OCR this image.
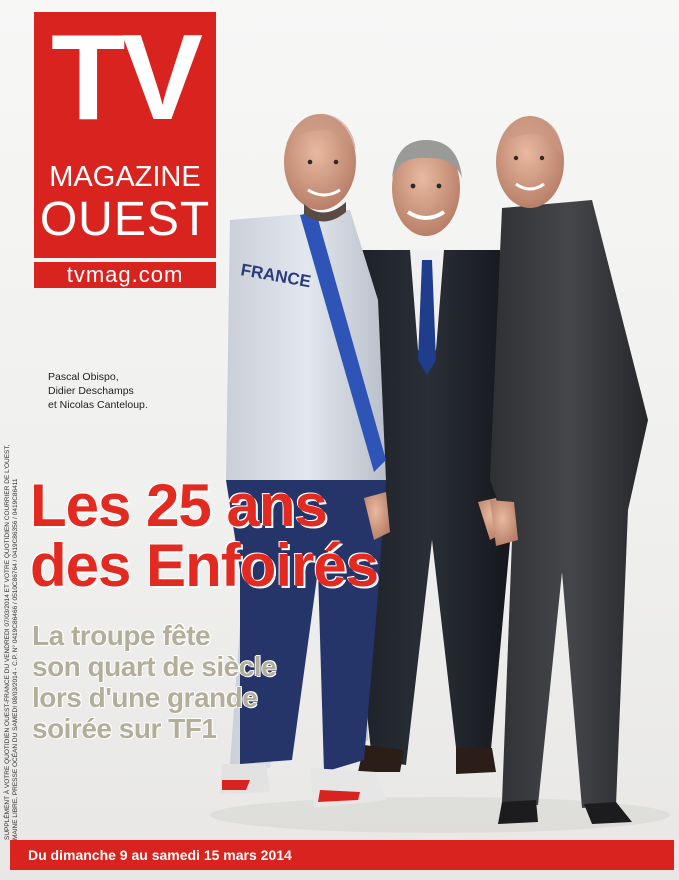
TV
MAGAZINE
OUEST
tvmag.com
Pascal Obispo,
Didier Deschamps
et Nicolas Canteloup.
SUPPLÉMENT À VOTRE QUOTIDIEN OUEST-FRANCE DU VENDREDI 07/03/2014 ET VOTRE QUOTIDIEN COURRIER DE L'OUEST, MAINE LIBRE, PRESSE OCÉAN DU SAMEDI 08/03/2014 - C.P. N° 0419C86466 / 0510C86764 / 0419C86356 / 0419C86411
FRANCE
Les 25 ans
des Enfoirés
La troupe fête
son quart de siècle
lors d'une grande
soirée sur TF1
Du dimanche 9 au samedi 15 mars 2014
